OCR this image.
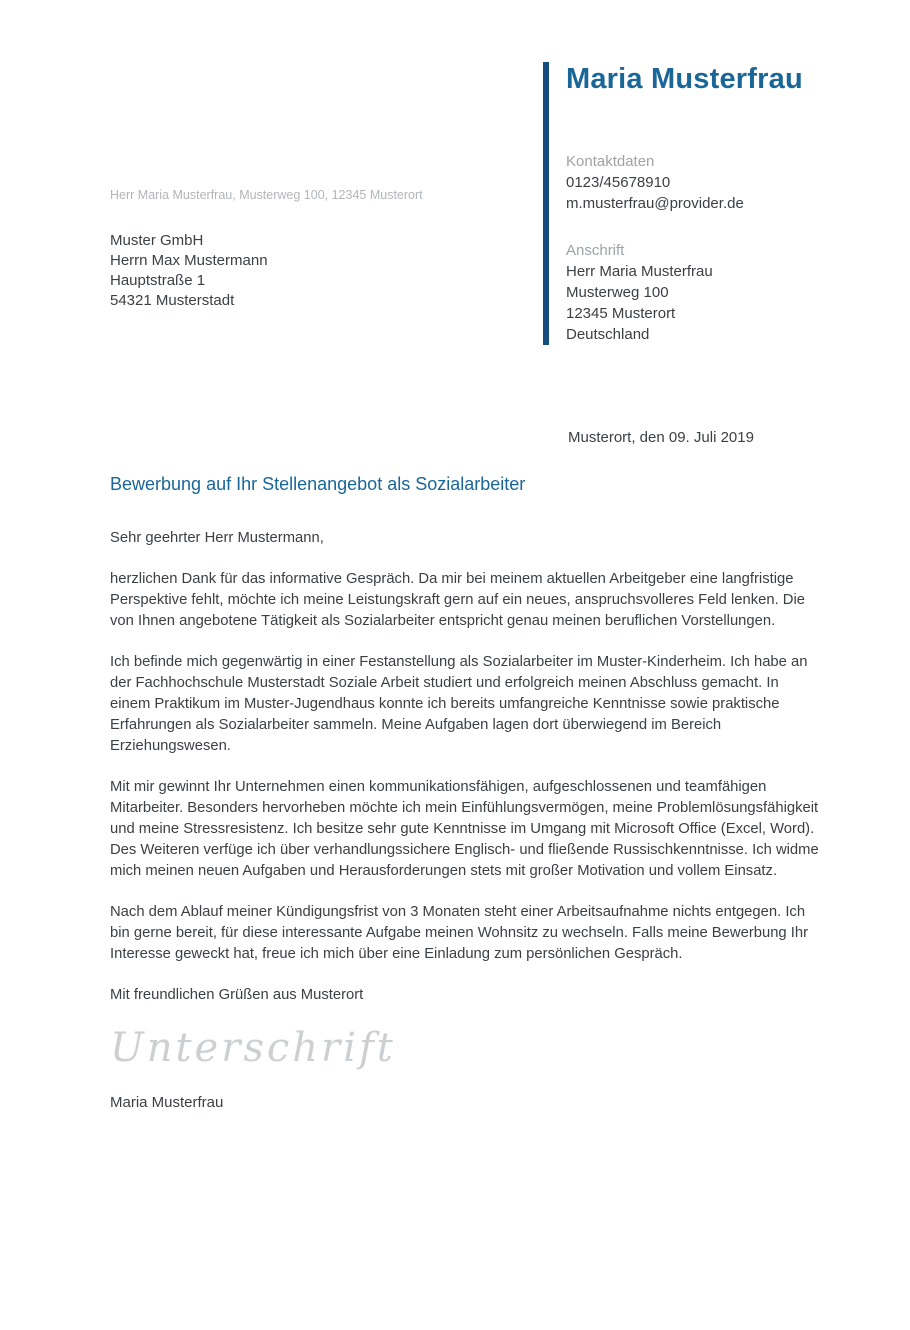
Maria Musterfrau
Kontaktdaten
0123/45678910
m.musterfrau@provider.de
Anschrift
Herr Maria Musterfrau
Musterweg 100
12345 Musterort
Deutschland
Herr Maria Musterfrau, Musterweg 100, 12345 Musterort
Muster GmbH
Herrn Max Mustermann
Hauptstraße 1
54321 Musterstadt
Musterort, den 09. Juli 2019
Bewerbung auf Ihr Stellenangebot als Sozialarbeiter

Sehr geehrter Herr Mustermann,

herzlichen Dank für das informative Gespräch. Da mir bei meinem aktuellen Arbeitgeber eine langfristige Perspektive fehlt, möchte ich meine Leistungskraft gern auf ein neues, anspruchsvolleres Feld lenken. Die von Ihnen angebotene Tätigkeit als Sozialarbeiter entspricht genau meinen beruflichen Vorstellungen.

Ich befinde mich gegenwärtig in einer Festanstellung als Sozialarbeiter im Muster-Kinderheim. Ich habe an der Fachhochschule Musterstadt Soziale Arbeit studiert und erfolgreich meinen Abschluss gemacht. In einem Praktikum im Muster-Jugendhaus konnte ich bereits umfangreiche Kenntnisse sowie praktische Erfahrungen als Sozialarbeiter sammeln. Meine Aufgaben lagen dort überwiegend im Bereich Erziehungswesen.

Mit mir gewinnt Ihr Unternehmen einen kommunikationsfähigen, aufgeschlossenen und teamfähigen Mitarbeiter. Besonders hervorheben möchte ich mein Einfühlungsvermögen, meine Problemlösungsfähigkeit und meine Stressresistenz. Ich besitze sehr gute Kenntnisse im Umgang mit Microsoft Office (Excel, Word). Des Weiteren verfüge ich über verhandlungssichere Englisch- und fließende Russischkenntnisse. Ich widme mich meinen neuen Aufgaben und Herausforderungen stets mit großer Motivation und vollem Einsatz.

Nach dem Ablauf meiner Kündigungsfrist von 3 Monaten steht einer Arbeitsaufnahme nichts entgegen. Ich bin gerne bereit, für diese interessante Aufgabe meinen Wohnsitz zu wechseln. Falls meine Bewerbung Ihr Interesse geweckt hat, freue ich mich über eine Einladung zum persönlichen Gespräch.

Mit freundlichen Grüßen aus Musterort

Unterschrift
Maria Musterfrau
